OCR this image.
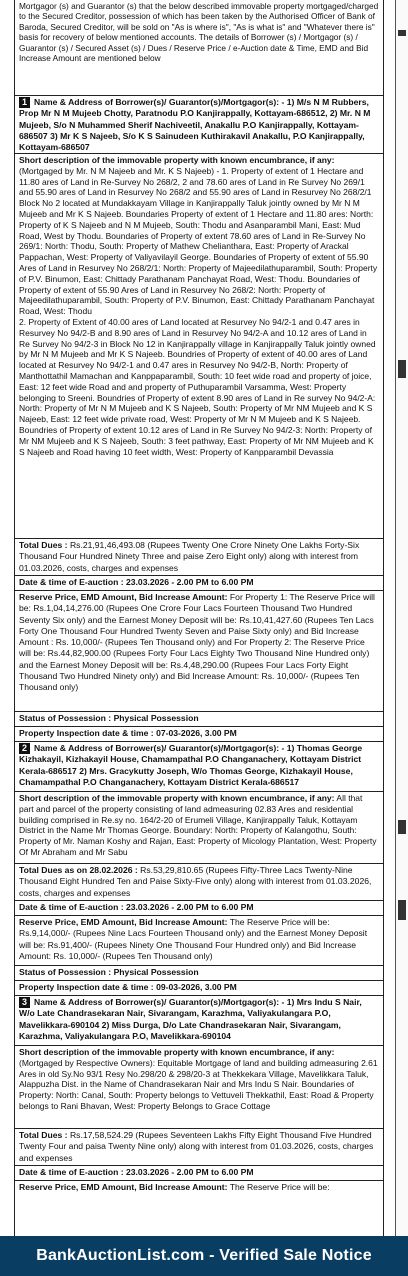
Mortgagor (s) and Guarantor (s) that the below described immovable property mortgaged/charged to the Secured Creditor, possession of which has been taken by the Authorised Officer of Bank of Baroda, Secured Creditor, will be sold on "As is where is", "As is what is" and "Whatever there is" basis for recovery of below mentioned accounts. The details of Borrower (s) / Mortgagor (s) / Guarantor (s) / Secured Asset (s) / Dues / Reserve Price / e-Auction date & Time, EMD and Bid Increase Amount are mentioned below
1 Name & Address of Borrower(s)/ Guarantor(s)/Mortgagor(s): - 1) M/s N M Rubbers, Prop Mr N M Mujeeb Chotty, Paratnodu P.O Kanjirappally, Kottayam-686512, 2) Mr. N M Mujeeb, S/o N Muhammed Sherif Nachiveetil, Anakallu P.O Kanjirappally, Kottayam-686507 3) Mr K S Najeeb, S/o K S Sainudeen Kuthirakavil Anakallu, P.O Kanjirappally, Kottayam-686507
Short description of the immovable property with known encumbrance, if any: (Mortgaged by Mr. N M Najeeb and Mr. K S Najeeb) - 1. Property of extent of 1 Hectare and 11.80 ares of Land in Re-Survey No 268/2, 2 and 78.60 ares of Land in Re Survey No 269/1 and 55.90 ares of Land in Resurvey No 268/2 and 55.90 ares of Land in Resurvey No 268/2/1 Block No 2 located at Mundakkayam Village in Kanjirappally Taluk jointly owned by Mr N M Mujeeb and Mr K S Najeeb. Boundaries Property of extent of 1 Hectare and 11.80 ares: North: Property of K S Najeeb and N M Mujeeb, South: Thodu and Asanparambil Mani, East: Mud Road, West by Thodu. Boundaries of Property of extent 78.60 ares of Land in Re-Survey No 269/1: North: Thodu, South: Property of Mathew Chelianthara, East: Property of Arackal Pappachan, West: Property of Valiyavilayil George. Boundaries of Property of extent of 55.90 Ares of Land in Resurvey No 268/2/1: North: Property of Majeedilathuparambil, South: Property of P.V. Binumon, East: Chittady Parathanam Panchayat Road, West: Thodu. Boundaries of Property of extent of 55.90 Ares of Land in Resurvey No 268/2: North: Property of Majeedilathuparambil, South: Property of P.V. Binumon, East: Chittady Parathanam Panchayat Road, West: Thodu
2. Property of Extent of 40.00 ares of Land located at Resurvey No 94/2-1 and 0.47 ares in Resurvey No 94/2-B and 8.90 ares of Land in Resurvey No 94/2-A and 10.12 ares of Land in Re Survey No 94/2-3 in Block No 12 in Kanjirappally village in Kanjirappally Taluk jointly owned by Mr N M Mujeeb and Mr K S Najeeb. Boundries of Property of extent of 40.00 ares of Land located at Resurvey No 94/2-1 and 0.47 ares in Resurvey No 94/2-B, North: Property of Manthottathil Mamachan and Kanppaparambil, South: 10 feet wide road and property of joice, East: 12 feet wide Road and and property of Puthuparambil Varsamma, West: Property belonging to Sreeni. Boundries of Property of extent 8.90 ares of Land in Re survey No 94/2-A: North: Property of Mr N M Mujeeb and K S Najeeb, South: Property of Mr NM Mujeeb and K S Najeeb, East: 12 feet wide private road, West: Property of Mr N M Mujeeb and K S Najeeb. Boundries of Property of extent 10.12 ares of Land in Re Survey No 94/2-3: North: Property of Mr NM Mujeeb and K S Najeeb, South: 3 feet pathway, East: Property of Mr NM Mujeeb and K S Najeeb and Road having 10 feet width, West: Property of Kanpparambil Devassia
Total Dues : Rs.21,91,46,493.08 (Rupees Twenty One Crore Ninety One Lakhs Forty-Six Thousand Four Hundred Ninety Three and paise Zero Eight only) along with interest from 01.03.2026, costs, charges and expenses
Date & time of E-auction : 23.03.2026 - 2.00 PM to 6.00 PM
Reserve Price, EMD Amount, Bid Increase Amount: For Property 1: The Reserve Price will be: Rs.1,04,14,276.00 (Rupees One Crore Four Lacs Fourteen Thousand Two Hundred Seventy Six only) and the Earnest Money Deposit will be: Rs.10,41,427.60 (Rupees Ten Lacs Forty One Thousand Four Hundred Twenty Seven and Paise Sixty only) and Bid Increase Amount : Rs. 10,000/- (Rupees Ten Thousand only) and For Property 2: The Reserve Price will be: Rs.44,82,900.00 (Rupees Forty Four Lacs Eighty Two Thousand Nine Hundred only) and the Earnest Money Deposit will be: Rs.4,48,290.00 (Rupees Four Lacs Forty Eight Thousand Two Hundred Ninety only) and Bid Increase Amount: Rs. 10,000/- (Rupees Ten Thousand only)
Status of Possession : Physical Possession
Property Inspection date & time : 07-03-2026, 3.00 PM
2 Name & Address of Borrower(s)/ Guarantor(s)/Mortgagor(s): - 1) Thomas George Kizhakayil, Kizhakayil House, Chamampathal P.O Changanachery, Kottayam District Kerala-686517 2) Mrs. Gracykutty Joseph, W/o Thomas George, Kizhakayil House, Chamampathal P.O Changanachery, Kottayam District Kerala-686517
Short description of the immovable property with known encumbrance, if any: All that part and parcel of the property consisting of land admeasuring 02.83 Ares and residential building comprised in Re.sy no. 164/2-20 of Erumeli Village, Kanjirappally Taluk, Kottayam District in the Name Mr Thomas George. Boundary: North: Property of Kalangothu, South: Property of Mr. Naman Koshy and Rajan, East: Property of Micology Plantation, West: Property Of Mr Abraham and Mr Sabu
Total Dues as on 28.02.2026 : Rs.53,29,810.65 (Rupees Fifty-Three Lacs Twenty-Nine Thousand Eight Hundred Ten and Paise Sixty-Five only) along with interest from 01.03.2026, costs, charges and expenses
Date & time of E-auction : 23.03.2026 - 2.00 PM to 6.00 PM
Reserve Price, EMD Amount, Bid Increase Amount: The Reserve Price will be: Rs.9,14,000/- (Rupees Nine Lacs Fourteen Thousand only) and the Earnest Money Deposit will be: Rs.91,400/- (Rupees Ninety One Thousand Four Hundred only) and Bid Increase Amount: Rs. 10,000/- (Rupees Ten Thousand only)
Status of Possession : Physical Possession
Property Inspection date & time : 09-03-2026, 3.00 PM
3 Name & Address of Borrower(s)/ Guarantor(s)/Mortgagor(s): - 1) Mrs Indu S Nair, W/o Late Chandrasekaran Nair, Sivarangam, Karazhma, Valiyakulangara P.O, Mavelikkara-690104 2) Miss Durga, D/o Late Chandrasekaran Nair, Sivarangam, Karazhma, Valiyakulangara P.O, Mavelikkara-690104
Short description of the immovable property with known encumbrance, if any: (Mortgaged by Respective Owners): Equitable Mortgage of land and building admeasuring 2.61 Ares in old Sy.No 93/1 Resy No.298/20 & 298/20-3 at Thekkekara Village, Mavelikkara Taluk, Alappuzha Dist. in the Name of Chandrasekaran Nair and Mrs Indu S Nair. Boundaries of Property: North: Canal, South: Property belongs to Vettuveli Thekkathil, East: Road & Property belongs to Rani Bhavan, West: Property Belongs to Grace Cottage
Total Dues : Rs.17,58,524.29 (Rupees Seventeen Lakhs Fifty Eight Thousand Five Hundred Twenty Four and paisa Twenty Nine only) along with interest from 01.03.2026, costs, charges and expenses
Date & time of E-auction : 23.03.2026 - 2.00 PM to 6.00 PM
Reserve Price, EMD Amount, Bid Increase Amount: The Reserve Price will be:
BankAuctionList.com - Verified Sale Notice
